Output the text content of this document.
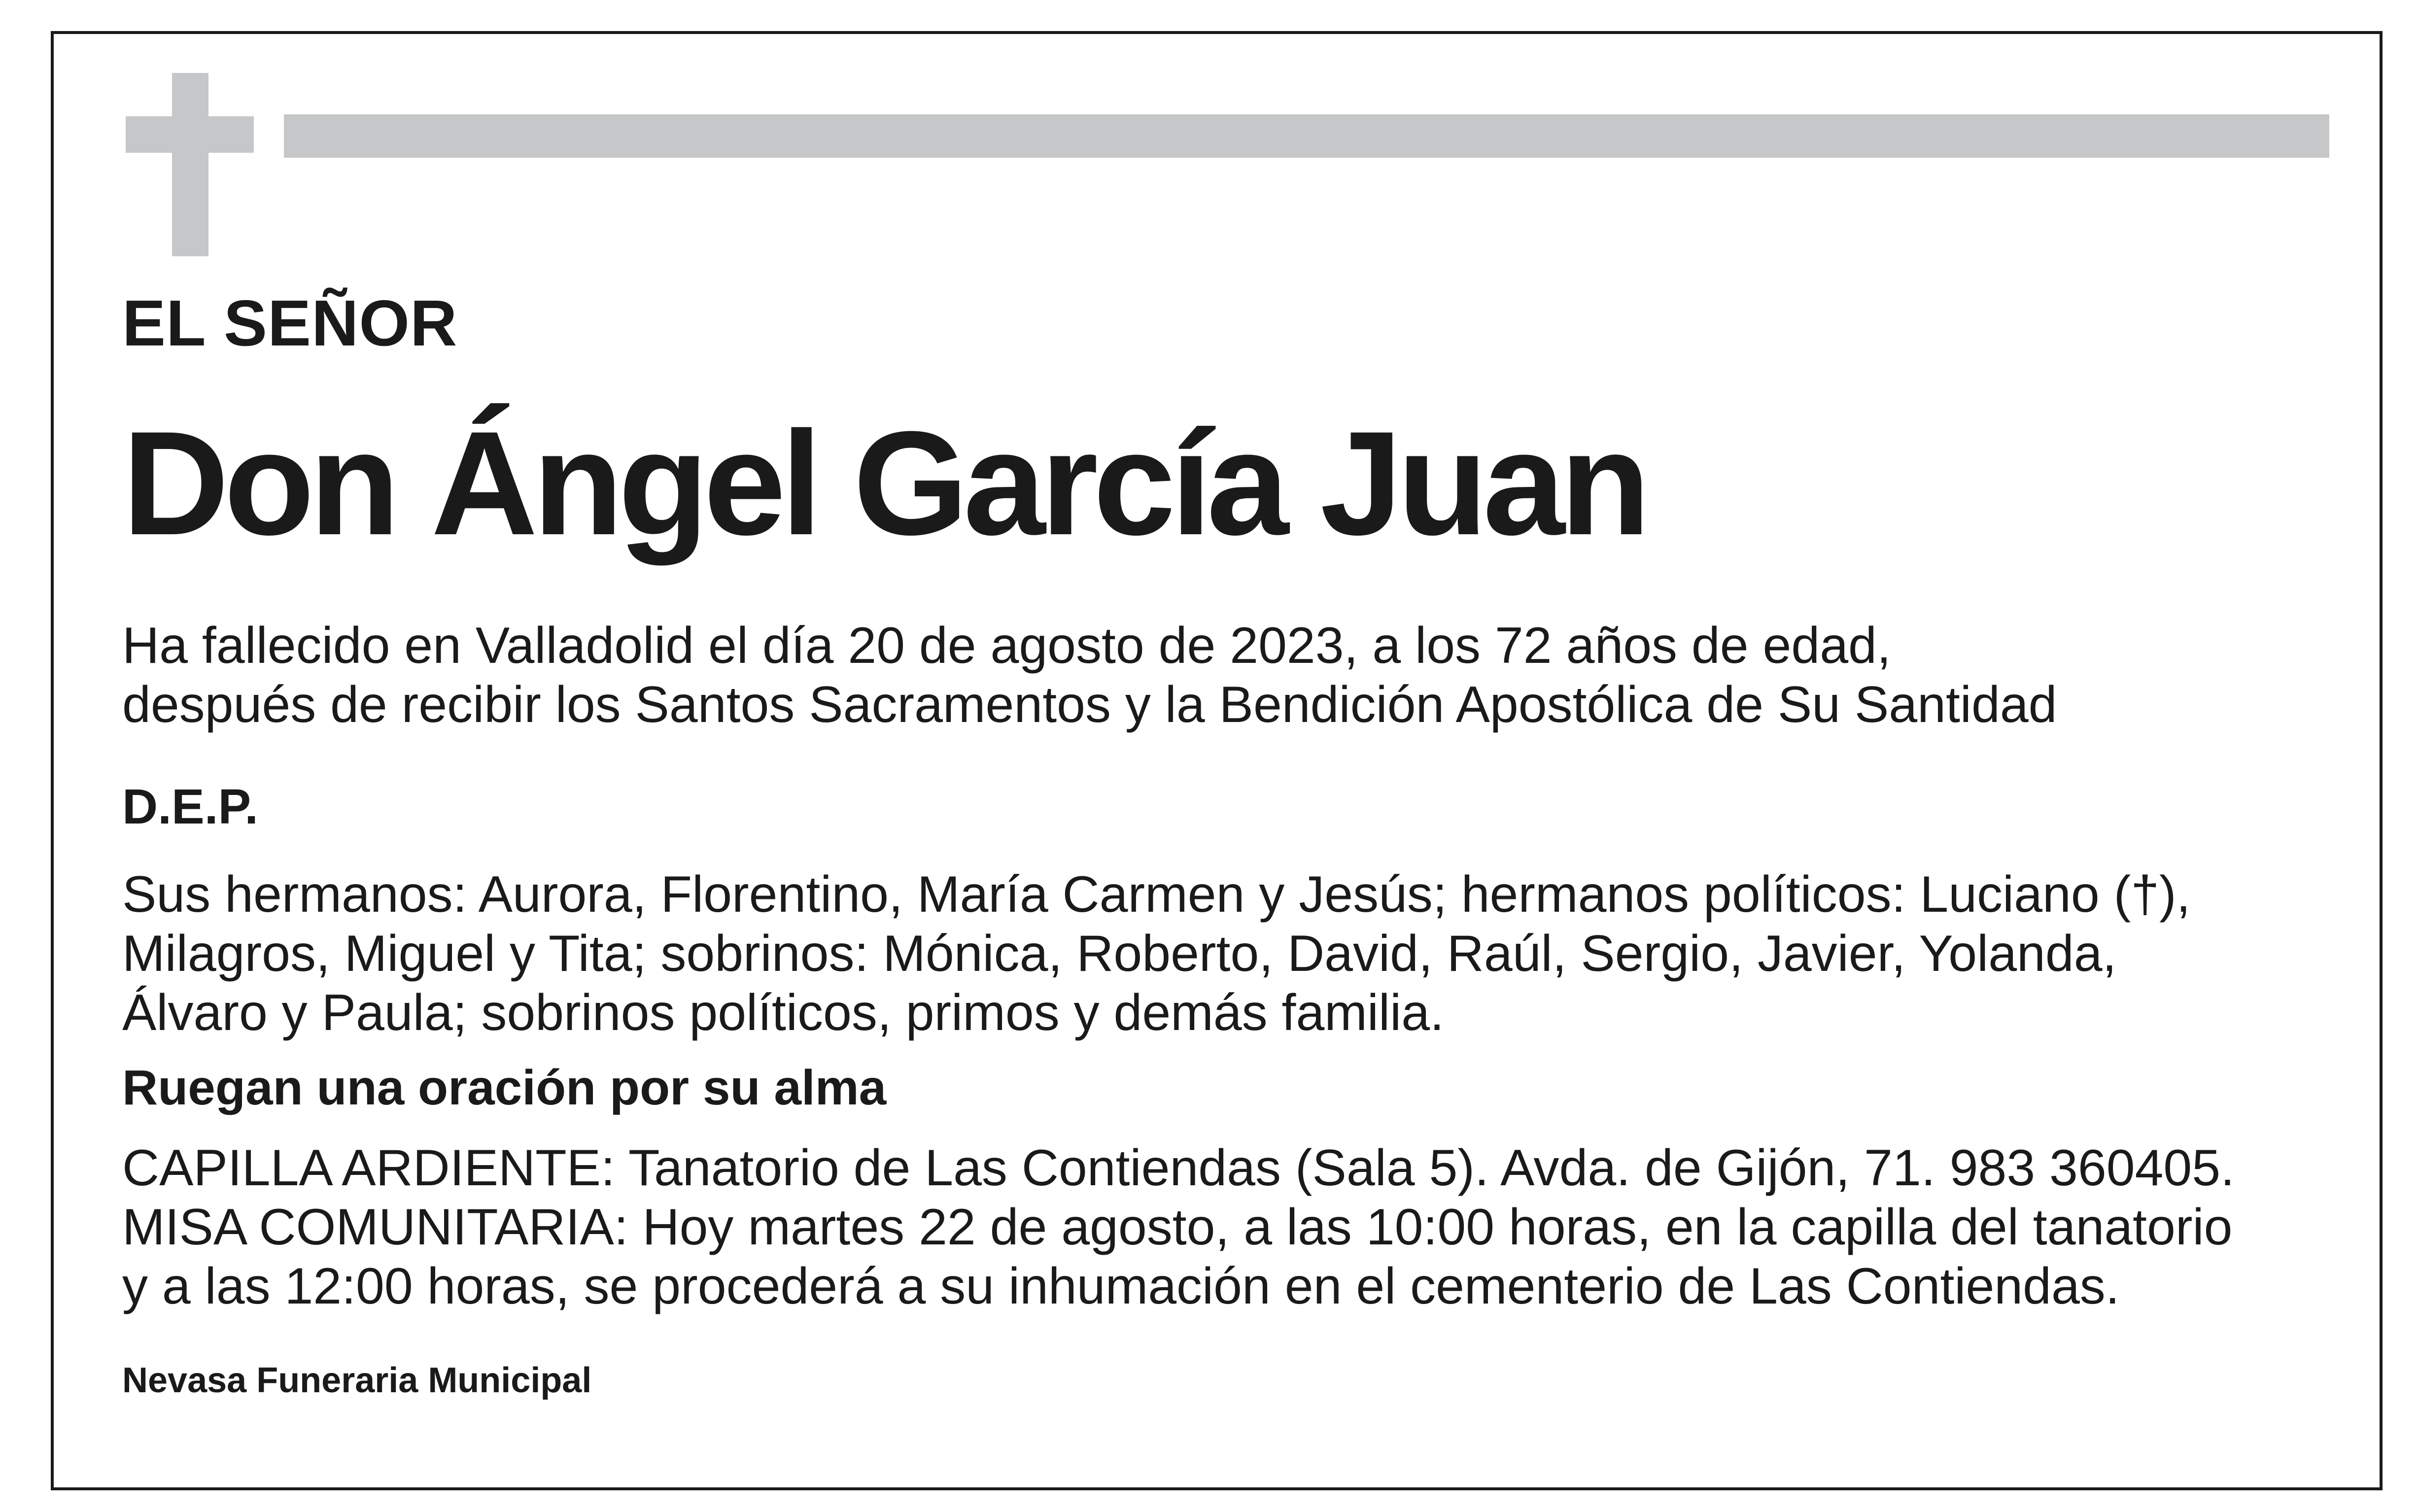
EL SEÑOR
Don Ángel García Juan
Ha fallecido en Valladolid el día 20 de agosto de 2023, a los 72 años de edad,
después de recibir los Santos Sacramentos y la Bendición Apostólica de Su Santidad
D.E.P.
Sus hermanos: Aurora, Florentino, María Carmen y Jesús; hermanos políticos: Luciano (†),
Milagros, Miguel y Tita; sobrinos: Mónica, Roberto, David, Raúl, Sergio, Javier, Yolanda,
Álvaro y Paula; sobrinos políticos, primos y demás familia.
Ruegan una oración por su alma
CAPILLA ARDIENTE: Tanatorio de Las Contiendas (Sala 5). Avda. de Gijón, 71. 983 360405.
MISA COMUNITARIA: Hoy martes 22 de agosto, a las 10:00 horas, en la capilla del tanatorio
y a las 12:00 horas, se procederá a su inhumación en el cementerio de Las Contiendas.
Nevasa Funeraria Municipal
